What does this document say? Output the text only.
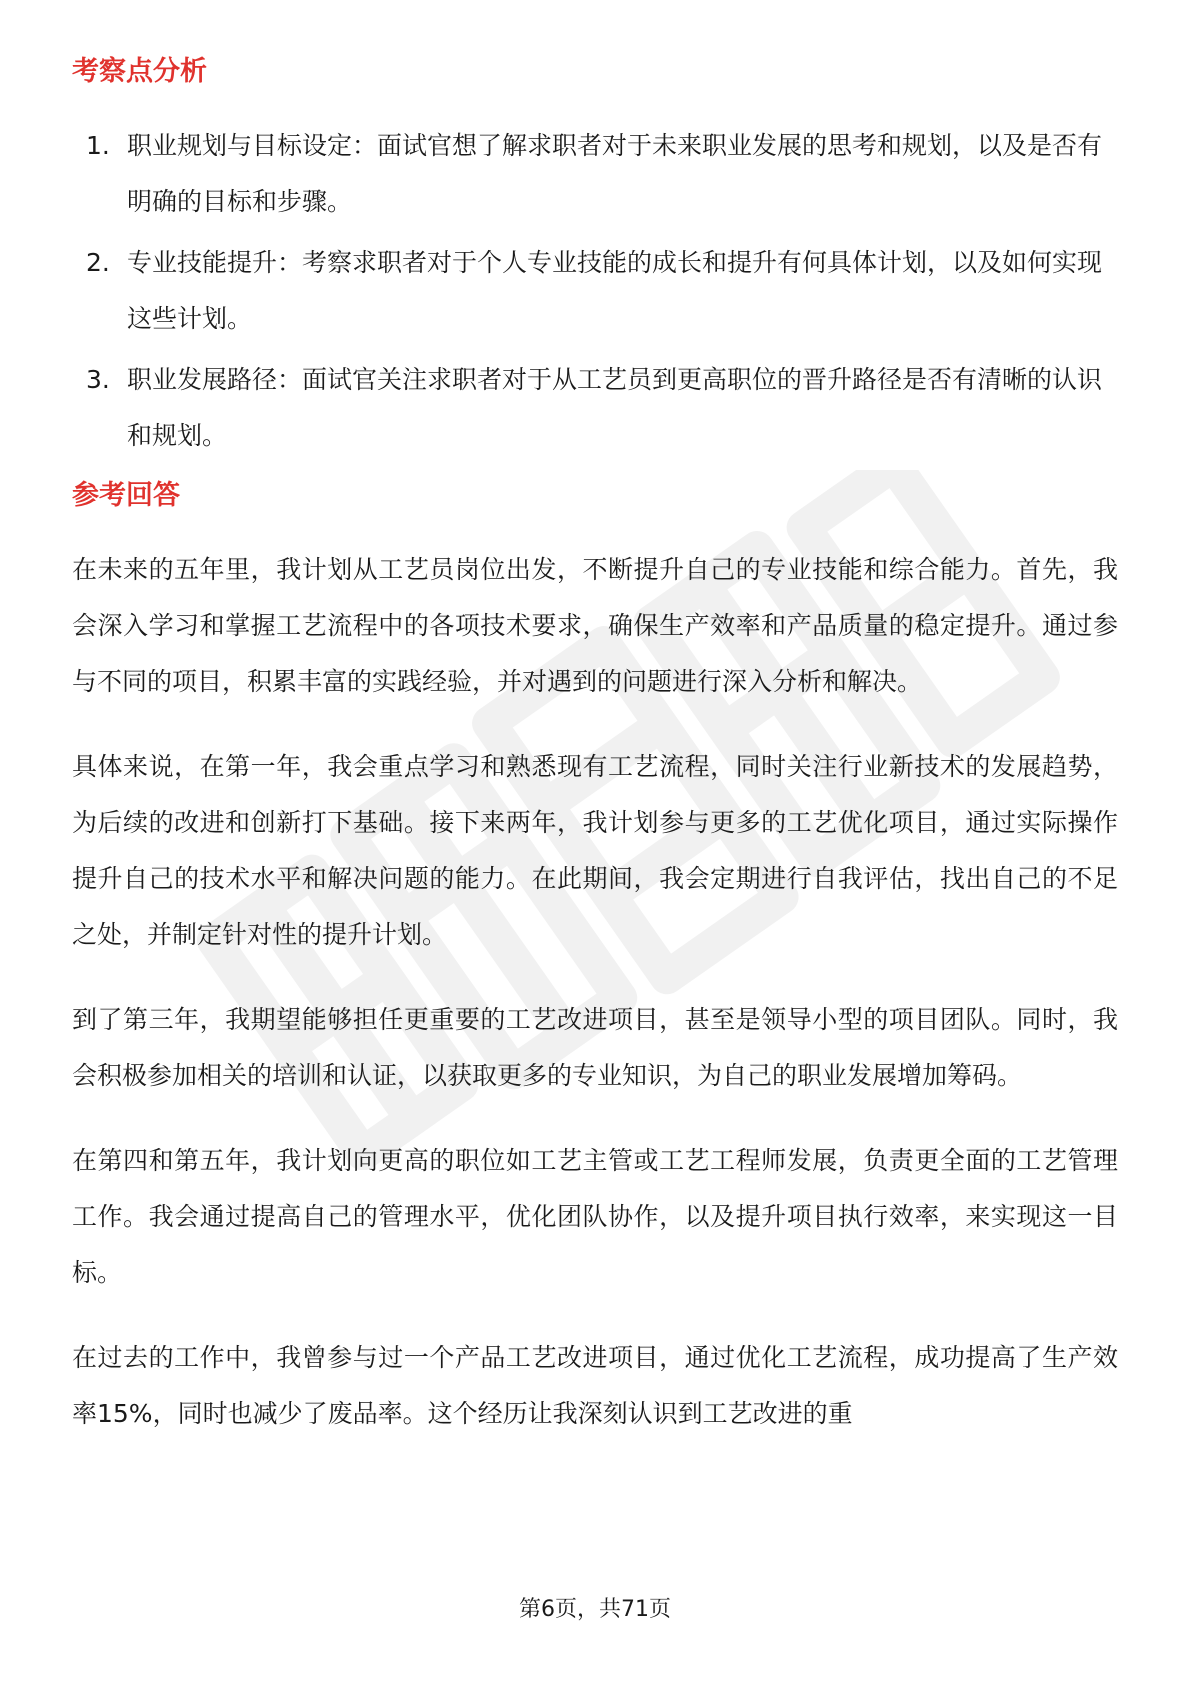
考察点分析
1. 职业规划与目标设定：面试官想了解求职者对于未来职业发展的思考和规划，以及是否有明确的目标和步骤。
2. 专业技能提升：考察求职者对于个人专业技能的成长和提升有何具体计划，以及如何实现这些计划。
3. 职业发展路径：面试官关注求职者对于从工艺员到更高职位的晋升路径是否有清晰的认识和规划。
参考回答

在未来的五年里，我计划从工艺员岗位出发，不断提升自己的专业技能和综合能力。首先，我会深入学习和掌握工艺流程中的各项技术要求，确保生产效率和产品质量的稳定提升。通过参与不同的项目，积累丰富的实践经验，并对遇到的问题进行深入分析和解决。

具体来说，在第一年，我会重点学习和熟悉现有工艺流程，同时关注行业新技术的发展趋势，为后续的改进和创新打下基础。接下来两年，我计划参与更多的工艺优化项目，通过实际操作提升自己的技术水平和解决问题的能力。在此期间，我会定期进行自我评估，找出自己的不足之处，并制定针对性的提升计划。

到了第三年，我期望能够担任更重要的工艺改进项目，甚至是领导小型的项目团队。同时，我会积极参加相关的培训和认证，以获取更多的专业知识，为自己的职业发展增加筹码。

在第四和第五年，我计划向更高的职位如工艺主管或工艺工程师发展，负责更全面的工艺管理工作。我会通过提高自己的管理水平，优化团队协作，以及提升项目执行效率，来实现这一目标。

在过去的工作中，我曾参与过一个产品工艺改进项目，通过优化工艺流程，成功提高了生产效率15%，同时也减少了废品率。这个经历让我深刻认识到工艺改进的重

第6页，共71页
